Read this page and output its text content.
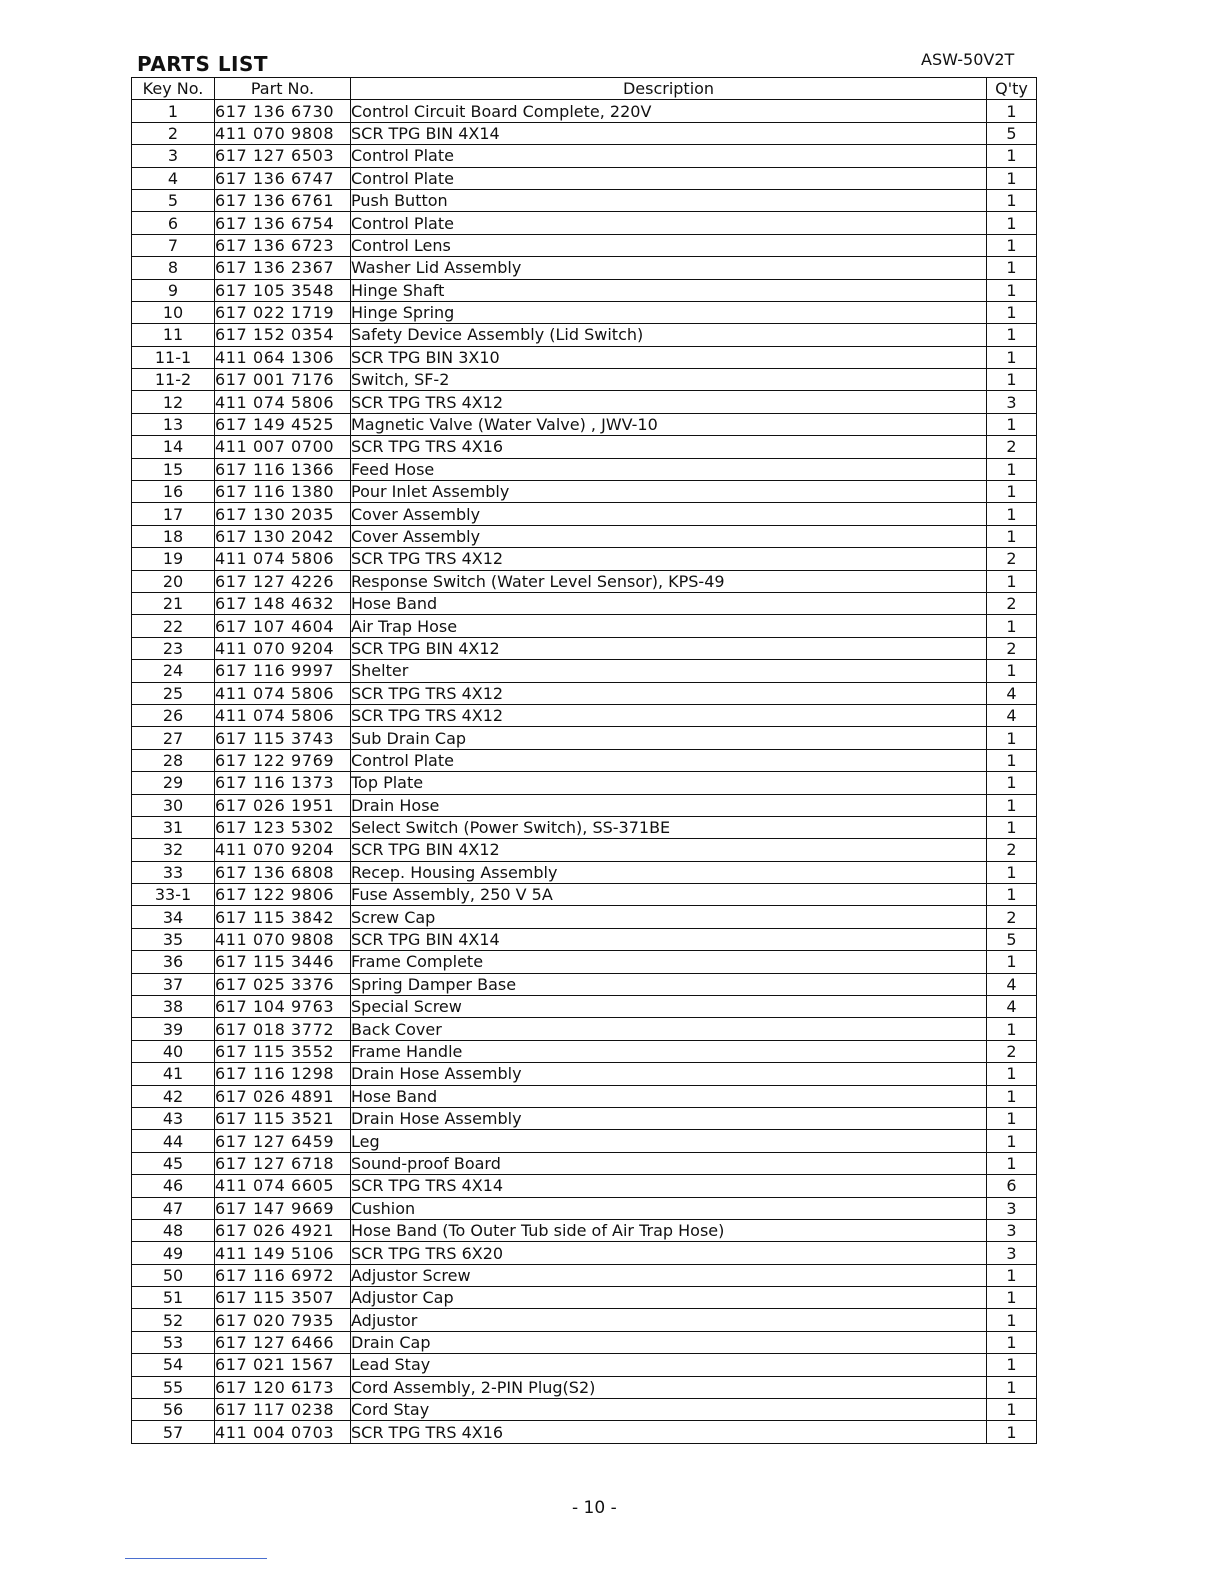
PARTS LIST	ASW-50V2T
Key No.	Part No.	Description	Q'ty
1	617 136 6730	Control Circuit Board Complete, 220V	1
2	411 070 9808	SCR TPG BIN 4X14	5
3	617 127 6503	Control Plate	1
4	617 136 6747	Control Plate	1
5	617 136 6761	Push Button	1
6	617 136 6754	Control Plate	1
7	617 136 6723	Control Lens	1
8	617 136 2367	Washer Lid Assembly	1
9	617 105 3548	Hinge Shaft	1
10	617 022 1719	Hinge Spring	1
11	617 152 0354	Safety Device Assembly (Lid Switch)	1
11-1	411 064 1306	SCR TPG BIN 3X10	1
11-2	617 001 7176	Switch, SF-2	1
12	411 074 5806	SCR TPG TRS 4X12	3
13	617 149 4525	Magnetic Valve (Water Valve) , JWV-10	1
14	411 007 0700	SCR TPG TRS 4X16	2
15	617 116 1366	Feed Hose	1
16	617 116 1380	Pour Inlet Assembly	1
17	617 130 2035	Cover Assembly	1
18	617 130 2042	Cover Assembly	1
19	411 074 5806	SCR TPG TRS 4X12	2
20	617 127 4226	Response Switch (Water Level Sensor), KPS-49	1
21	617 148 4632	Hose Band	2
22	617 107 4604	Air Trap Hose	1
23	411 070 9204	SCR TPG BIN 4X12	2
24	617 116 9997	Shelter	1
25	411 074 5806	SCR TPG TRS 4X12	4
26	411 074 5806	SCR TPG TRS 4X12	4
27	617 115 3743	Sub Drain Cap	1
28	617 122 9769	Control Plate	1
29	617 116 1373	Top Plate	1
30	617 026 1951	Drain Hose	1
31	617 123 5302	Select Switch (Power Switch), SS-371BE	1
32	411 070 9204	SCR TPG BIN 4X12	2
33	617 136 6808	Recep. Housing Assembly	1
33-1	617 122 9806	Fuse Assembly, 250 V 5A	1
34	617 115 3842	Screw Cap	2
35	411 070 9808	SCR TPG BIN 4X14	5
36	617 115 3446	Frame Complete	1
37	617 025 3376	Spring Damper Base	4
38	617 104 9763	Special Screw	4
39	617 018 3772	Back Cover	1
40	617 115 3552	Frame Handle	2
41	617 116 1298	Drain Hose Assembly	1
42	617 026 4891	Hose Band	1
43	617 115 3521	Drain Hose Assembly	1
44	617 127 6459	Leg	1
45	617 127 6718	Sound-proof Board	1
46	411 074 6605	SCR TPG TRS 4X14	6
47	617 147 9669	Cushion	3
48	617 026 4921	Hose Band (To Outer Tub side of Air Trap Hose)	3
49	411 149 5106	SCR TPG TRS 6X20	3
50	617 116 6972	Adjustor Screw	1
51	617 115 3507	Adjustor Cap	1
52	617 020 7935	Adjustor	1
53	617 127 6466	Drain Cap	1
54	617 021 1567	Lead Stay	1
55	617 120 6173	Cord Assembly, 2-PIN Plug(S2)	1
56	617 117 0238	Cord Stay	1
57	411 004 0703	SCR TPG TRS 4X16	1
- 10 -
